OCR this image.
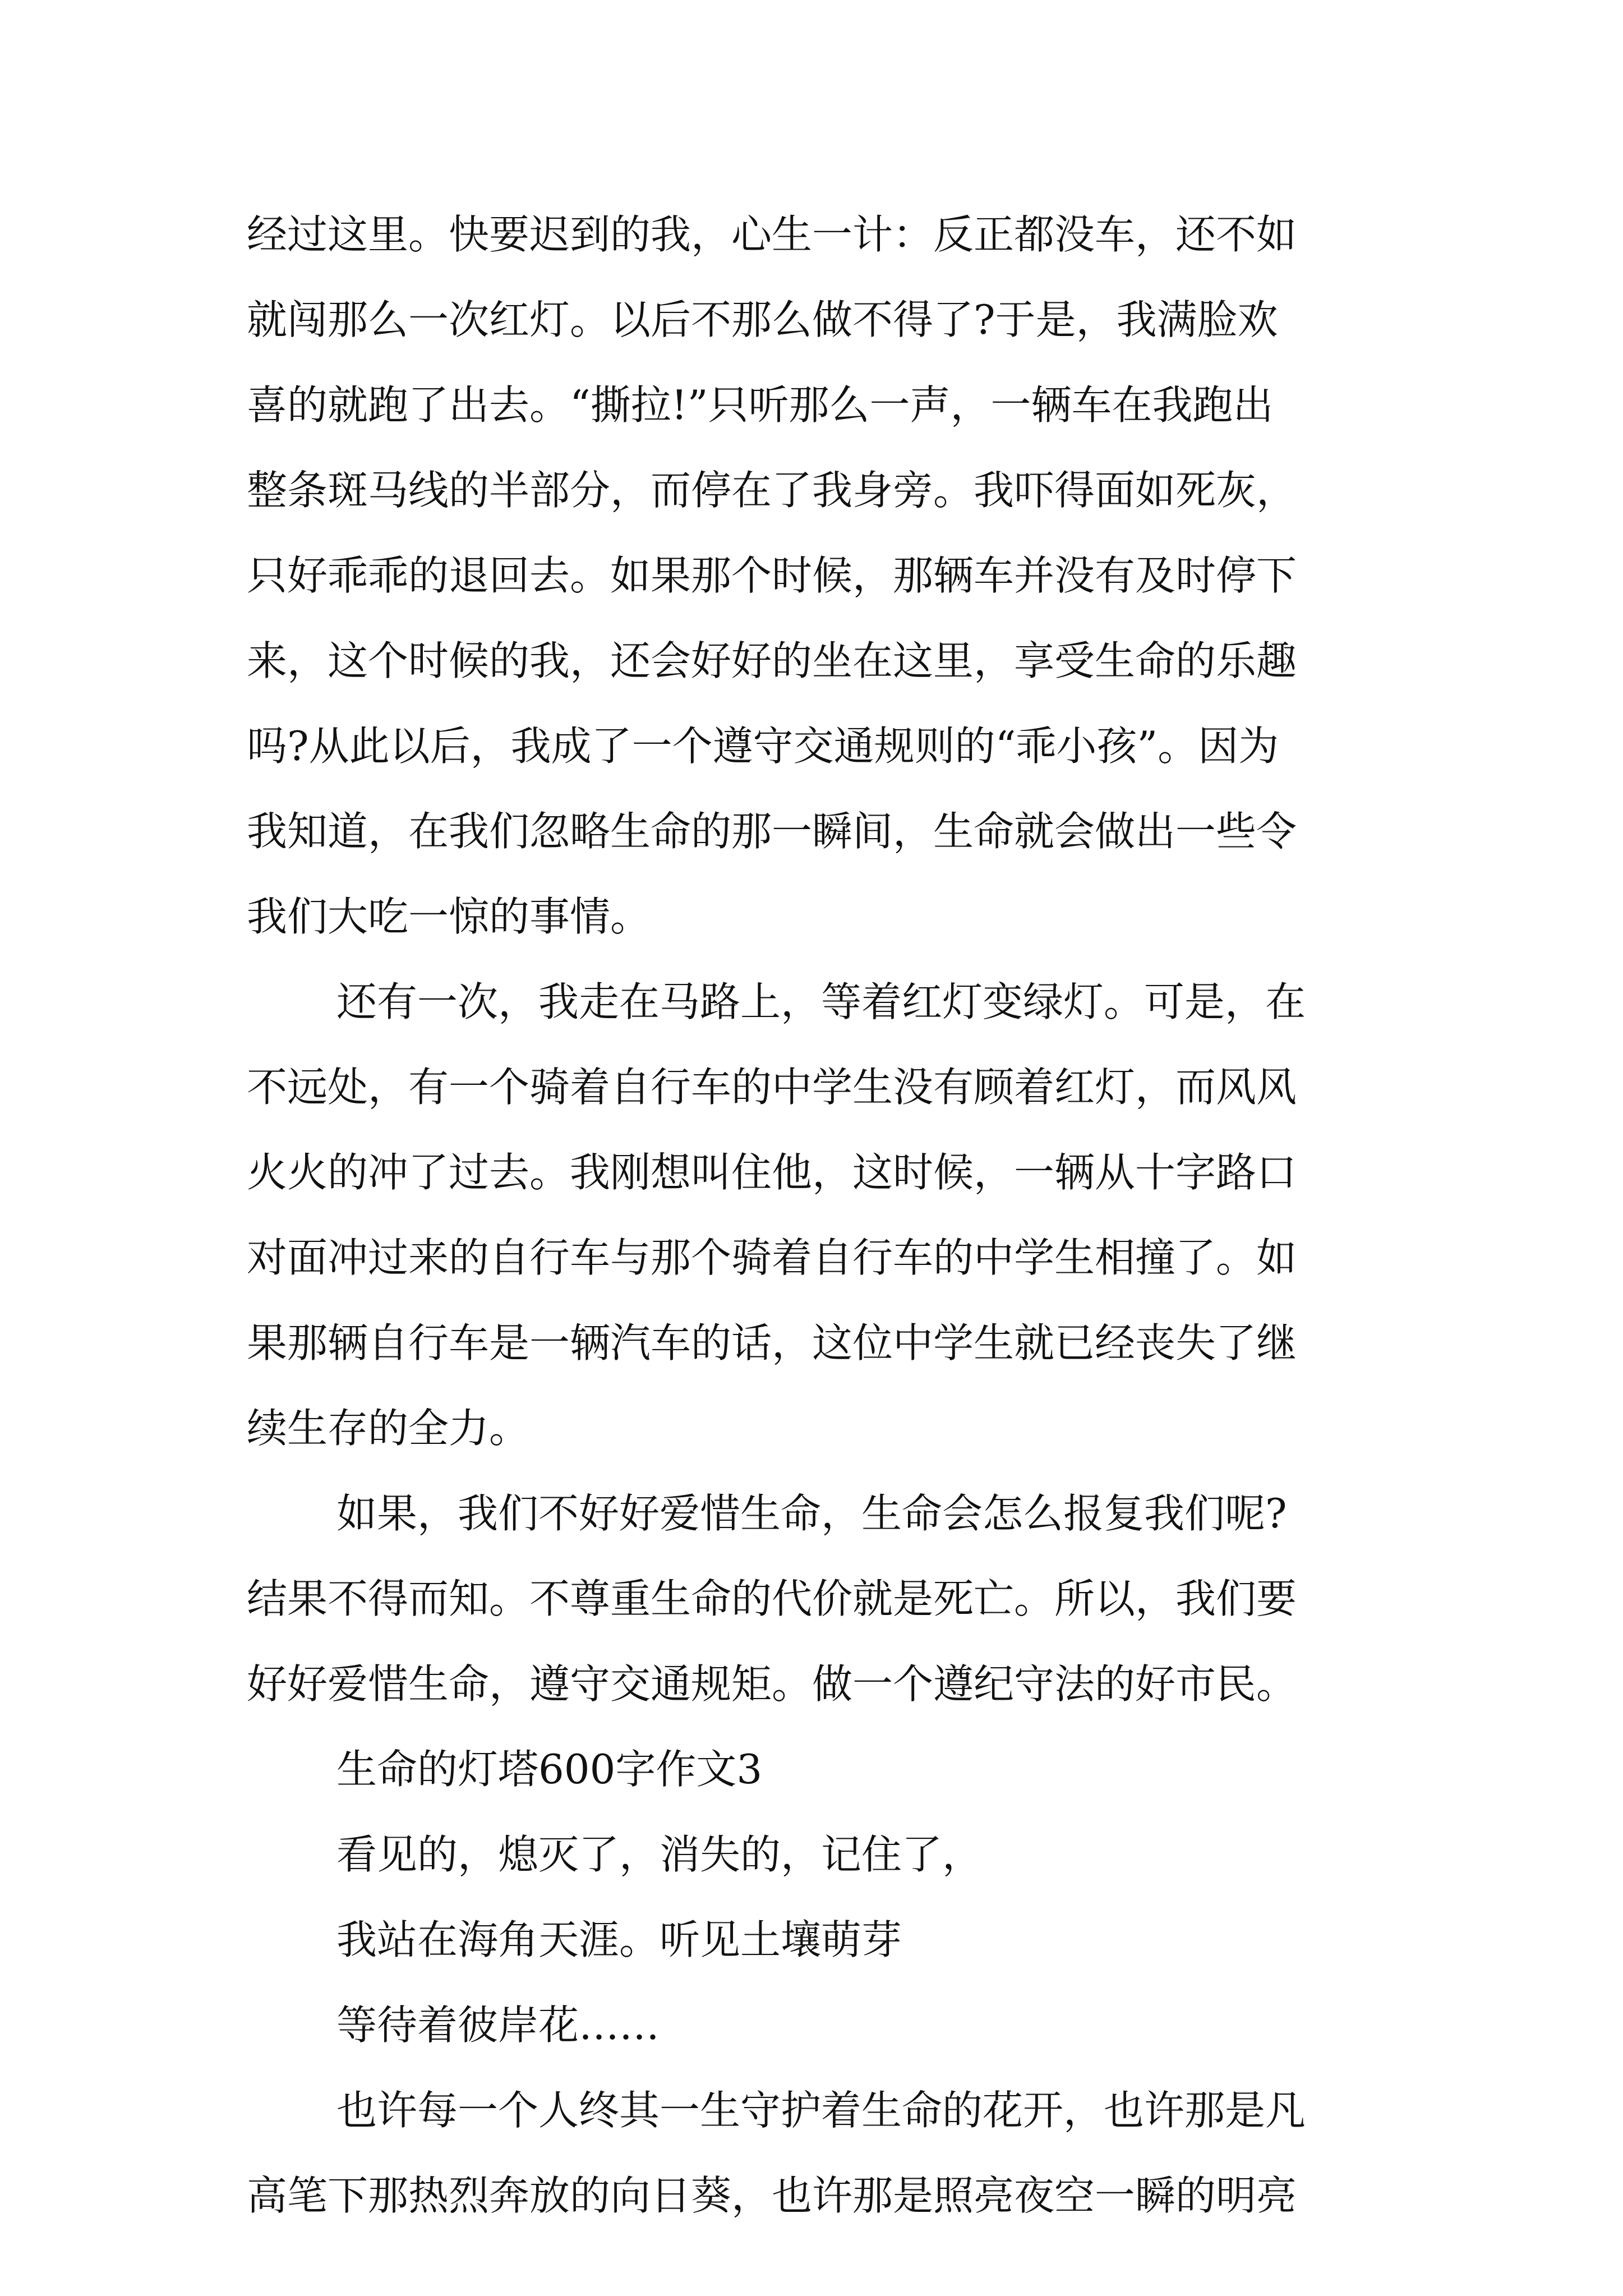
经过这里。快要迟到的我，心生一计：反正都没车，还不如
就闯那么一次红灯。以后不那么做不得了?于是，我满脸欢
喜的就跑了出去。“撕拉!”只听那么一声，一辆车在我跑出
整条斑马线的半部分，而停在了我身旁。我吓得面如死灰，
只好乖乖的退回去。如果那个时候，那辆车并没有及时停下
来，这个时候的我，还会好好的坐在这里，享受生命的乐趣
吗?从此以后，我成了一个遵守交通规则的“乖小孩”。因为
我知道，在我们忽略生命的那一瞬间，生命就会做出一些令
我们大吃一惊的事情。
还有一次，我走在马路上，等着红灯变绿灯。可是，在
不远处，有一个骑着自行车的中学生没有顾着红灯，而风风
火火的冲了过去。我刚想叫住他，这时候，一辆从十字路口
对面冲过来的自行车与那个骑着自行车的中学生相撞了。如
果那辆自行车是一辆汽车的话，这位中学生就已经丧失了继
续生存的全力。
如果，我们不好好爱惜生命，生命会怎么报复我们呢?
结果不得而知。不尊重生命的代价就是死亡。所以，我们要
好好爱惜生命，遵守交通规矩。做一个遵纪守法的好市民。
生命的灯塔600字作文3
看见的，熄灭了，消失的，记住了，
我站在海角天涯。听见土壤萌芽
等待着彼岸花……
也许每一个人终其一生守护着生命的花开，也许那是凡
高笔下那热烈奔放的向日葵，也许那是照亮夜空一瞬的明亮
